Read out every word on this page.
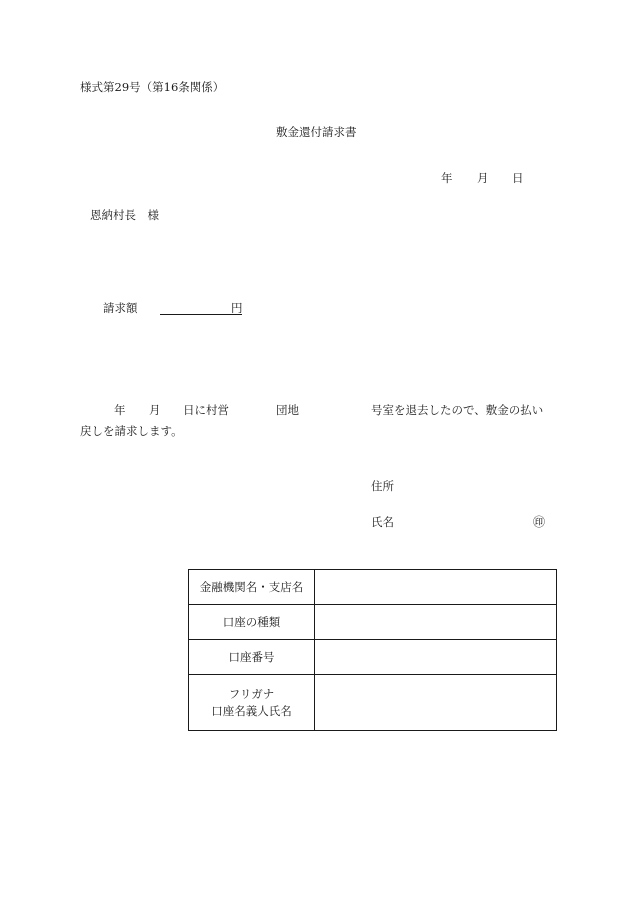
様式第29号（第16条関係）
敷金還付請求書
年 月 日
恩納村長　様
請求額	円
年 月 日に村営	団地	号室を退去したので、敷金の払い
戻しを請求します。
住所
氏名	㊞
金融機関名・支店名	
口座の種類	
口座番号	

フリガナ
口座名義人氏名	
